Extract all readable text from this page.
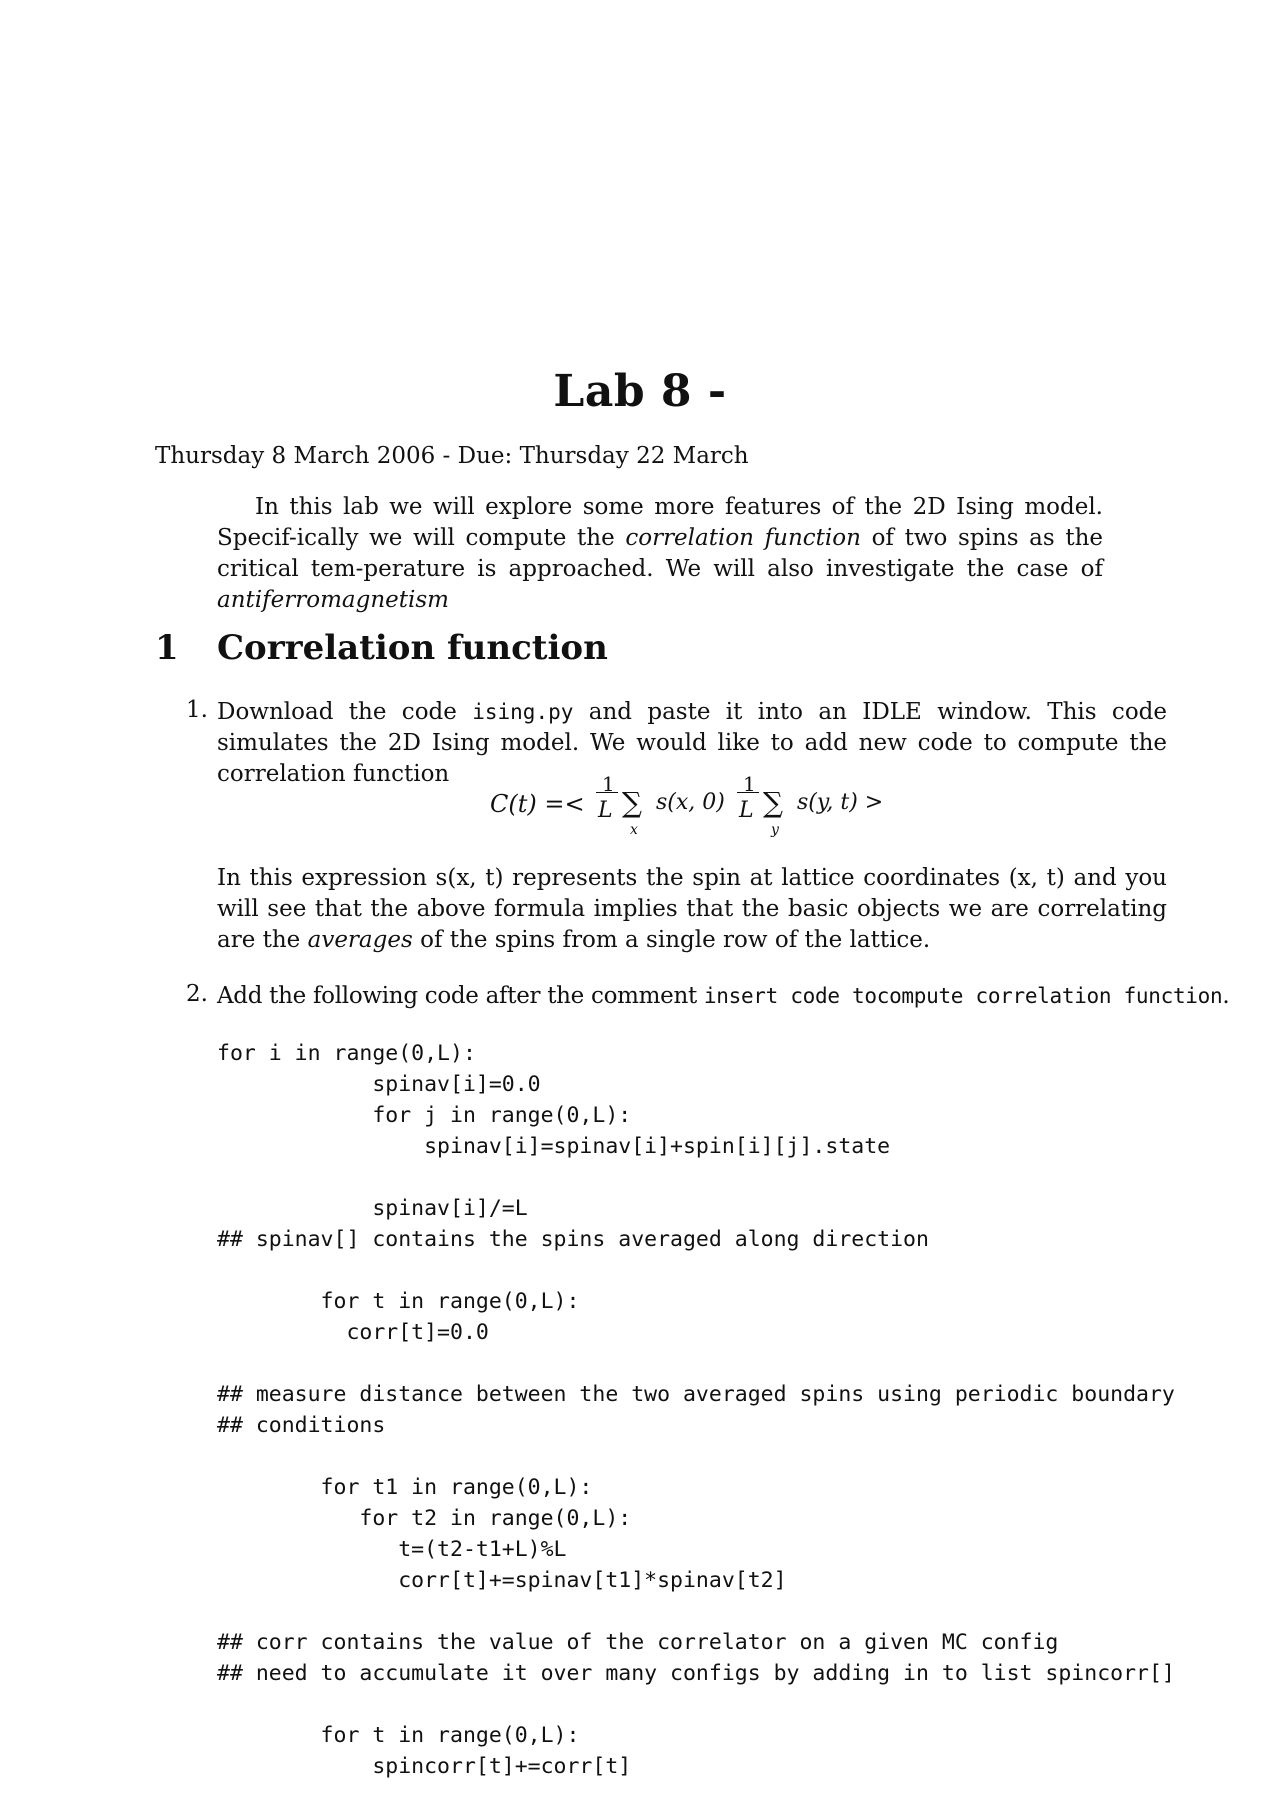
Lab 8 -
Thursday 8 March 2006 - Due: Thursday 22 March
In this lab we will explore some more features of the 2D Ising model. Specif-ically we will compute the correlation function of two spins as the critical tem-perature is approached. We will also investigate the case of antiferromagnetism
1 Correlation function
1. Download the code ising.py and paste it into an IDLE window. This code simulates the 2D Ising model. We would like to add new code to compute the correlation function
C(t) =<
1
L ∑
x
s(x, 0)
1
L ∑
y
s(y, t) >
In this expression s(x, t) represents the spin at lattice coordinates (x, t) and you will see that the above formula implies that the basic objects we are correlating are the averages of the spins from a single row of the lattice.
2. Add the following code after the comment insert code tocompute correlation function.
for i in range(0,L):
spinav[i]=0.0
for j in range(0,L):
spinav[i]=spinav[i]+spin[i][j].state

spinav[i]/=L
## spinav[] contains the spins averaged along direction

for t in range(0,L):
corr[t]=0.0

## measure distance between the two averaged spins using periodic boundary
## conditions

for t1 in range(0,L):
for t2 in range(0,L):
t=(t2-t1+L)%L
corr[t]+=spinav[t1]*spinav[t2]

## corr contains the value of the correlator on a given MC config
## need to accumulate it over many configs by adding in to list spincorr[]

for t in range(0,L):
spincorr[t]+=corr[t]
